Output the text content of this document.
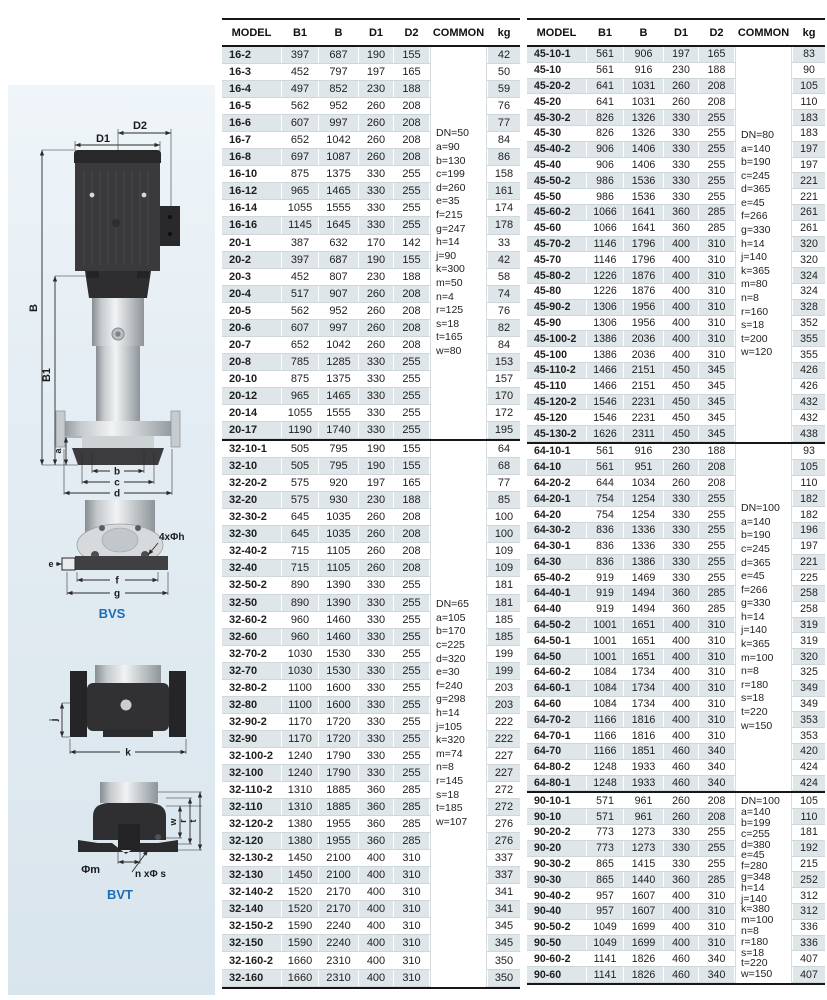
D2
D1
B
B1
a
b
c
d
e
4xΦh
f
g
BVS
j
k
w r t
Φm	n xΦ s
BVT
MODEL	B1	B	D1	D2	COMMON	kg
16-2	397	687	190	155	42
16-3	452	797	197	165	50
16-4	497	852	230	188	59
16-5	562	952	260	208	76
16-6	607	997	260	208	77
16-7	652	1042	260	208	84
16-8	697	1087	260	208	86
16-10	875	1375	330	255	158
16-12	965	1465	330	255	161
16-14	1055	1555	330	255	174
16-16	1145	1645	330	255	178
20-1	387	632	170	142	33
20-2	397	687	190	155	42
20-3	452	807	230	188	58
20-4	517	907	260	208	74
20-5	562	952	260	208	76
20-6	607	997	260	208	82
20-7	652	1042	260	208	84
20-8	785	1285	330	255	153
20-10	875	1375	330	255	157
20-12	965	1465	330	255	170
20-14	1055	1555	330	255	172
20-17	1190	1740	330	255	195
DN=50
a=90
b=130
c=199
d=260
e=35
f=215
g=247
h=14
j=90
k=300
m=50
n=4
r=125
s=18
t=165
w=80
32-10-1	505	795	190	155	64
32-10	505	795	190	155	68
32-20-2	575	920	197	165	77
32-20	575	930	230	188	85
32-30-2	645	1035	260	208	100
32-30	645	1035	260	208	100
32-40-2	715	1105	260	208	109
32-40	715	1105	260	208	109
32-50-2	890	1390	330	255	181
32-50	890	1390	330	255	181
32-60-2	960	1460	330	255	185
32-60	960	1460	330	255	185
32-70-2	1030	1530	330	255	199
32-70	1030	1530	330	255	199
32-80-2	1100	1600	330	255	203
32-80	1100	1600	330	255	203
32-90-2	1170	1720	330	255	222
32-90	1170	1720	330	255	222
32-100-2	1240	1790	330	255	227
32-100	1240	1790	330	255	227
32-110-2	1310	1885	360	285	272
32-110	1310	1885	360	285	272
32-120-2	1380	1955	360	285	276
32-120	1380	1955	360	285	276
32-130-2	1450	2100	400	310	337
32-130	1450	2100	400	310	337
32-140-2	1520	2170	400	310	341
32-140	1520	2170	400	310	341
32-150-2	1590	2240	400	310	345
32-150	1590	2240	400	310	345
32-160-2	1660	2310	400	310	350
32-160	1660	2310	400	310	350
DN=65
a=105
b=170
c=225
d=320
e=30
f=240
g=298
h=14
j=105
k=320
m=74
n=8
r=145
s=18
t=185
w=107
MODEL	B1	B	D1	D2	COMMON	kg
45-10-1	561	906	197	165	83
45-10	561	916	230	188	90
45-20-2	641	1031	260	208	105
45-20	641	1031	260	208	110
45-30-2	826	1326	330	255	183
45-30	826	1326	330	255	183
45-40-2	906	1406	330	255	197
45-40	906	1406	330	255	197
45-50-2	986	1536	330	255	221
45-50	986	1536	330	255	221
45-60-2	1066	1641	360	285	261
45-60	1066	1641	360	285	261
45-70-2	1146	1796	400	310	320
45-70	1146	1796	400	310	320
45-80-2	1226	1876	400	310	324
45-80	1226	1876	400	310	324
45-90-2	1306	1956	400	310	328
45-90	1306	1956	400	310	352
45-100-2	1386	2036	400	310	355
45-100	1386	2036	400	310	355
45-110-2	1466	2151	450	345	426
45-110	1466	2151	450	345	426
45-120-2	1546	2231	450	345	432
45-120	1546	2231	450	345	432
45-130-2	1626	2311	450	345	438
DN=80
a=140
b=190
c=245
d=365
e=45
f=266
g=330
h=14
j=140
k=365
m=80
n=8
r=160
s=18
t=200
w=120
64-10-1	561	916	230	188	93
64-10	561	951	260	208	105
64-20-2	644	1034	260	208	110
64-20-1	754	1254	330	255	182
64-20	754	1254	330	255	182
64-30-2	836	1336	330	255	196
64-30-1	836	1336	330	255	197
64-30	836	1386	330	255	221
65-40-2	919	1469	330	255	225
64-40-1	919	1494	360	285	258
64-40	919	1494	360	285	258
64-50-2	1001	1651	400	310	319
64-50-1	1001	1651	400	310	319
64-50	1001	1651	400	310	320
64-60-2	1084	1734	400	310	325
64-60-1	1084	1734	400	310	349
64-60	1084	1734	400	310	349
64-70-2	1166	1816	400	310	353
64-70-1	1166	1816	400	310	353
64-70	1166	1851	460	340	420
64-80-2	1248	1933	460	340	424
64-80-1	1248	1933	460	340	424
DN=100
a=140
b=190
c=245
d=365
e=45
f=266
g=330
h=14
j=140
k=365
m=100
n=8
r=180
s=18
t=220
w=150
90-10-1	571	961	260	208	105
90-10	571	961	260	208	110
90-20-2	773	1273	330	255	181
90-20	773	1273	330	255	192
90-30-2	865	1415	330	255	215
90-30	865	1440	360	285	252
90-40-2	957	1607	400	310	312
90-40	957	1607	400	310	312
90-50-2	1049	1699	400	310	336
90-50	1049	1699	400	310	336
90-60-2	1141	1826	460	340	407
90-60	1141	1826	460	340	407
DN=100
a=140
b=199
c=255
d=380
e=45
f=280
g=348
h=14
j=140
k=380
m=100
n=8
r=180
s=18
t=220
w=150
